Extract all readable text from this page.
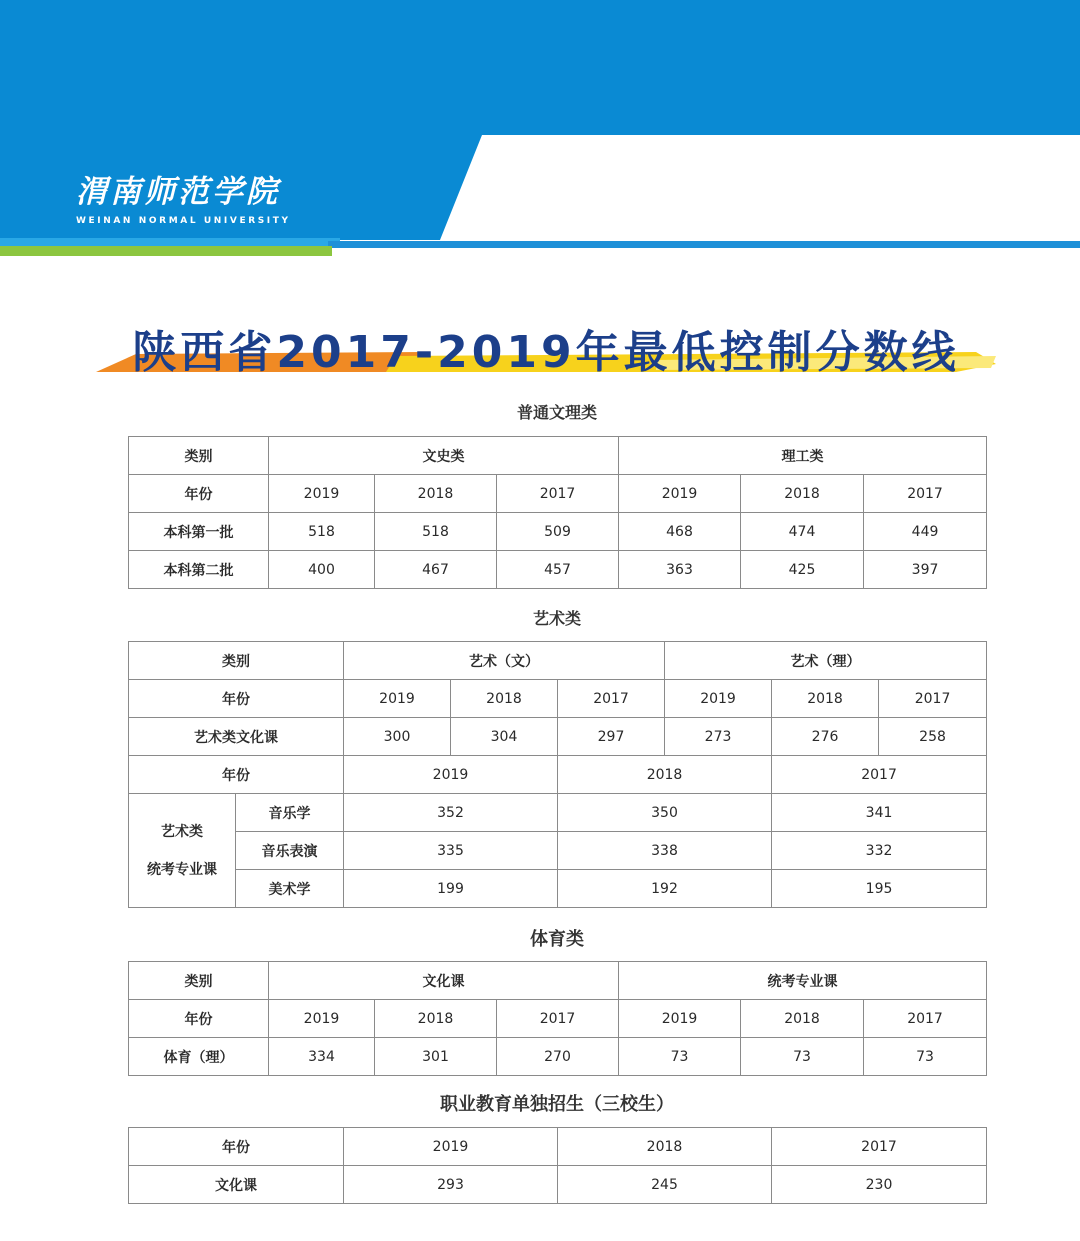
渭南师范学院
WEINAN NORMAL UNIVERSITY
陕西省2017-2019年最低控制分数线
普通文理类
类别	文史类			理工类		
年份	2019	2018	2017	2019	2018	2017
本科第一批	518	518	509	468	474	449
本科第二批	400	467	457	363	425	397
艺术类
类别		艺术（文）			艺术（理）		
年份		2019	2018	2017	2019	2018	2017
艺术类文化课		300	304	297	273	276	258
年份		2019		2018		2017	
艺术类
统考专业课	音乐学	352		350		341	
	音乐表演	335		338		332	
	美术学	199		192		195	
体育类
类别	文化课			统考专业课		
年份	2019	2018	2017	2019	2018	2017
体育（理）	334	301	270	73	73	73
职业教育单独招生（三校生）
年份	2019	2018	2017
文化课	293	245	230
